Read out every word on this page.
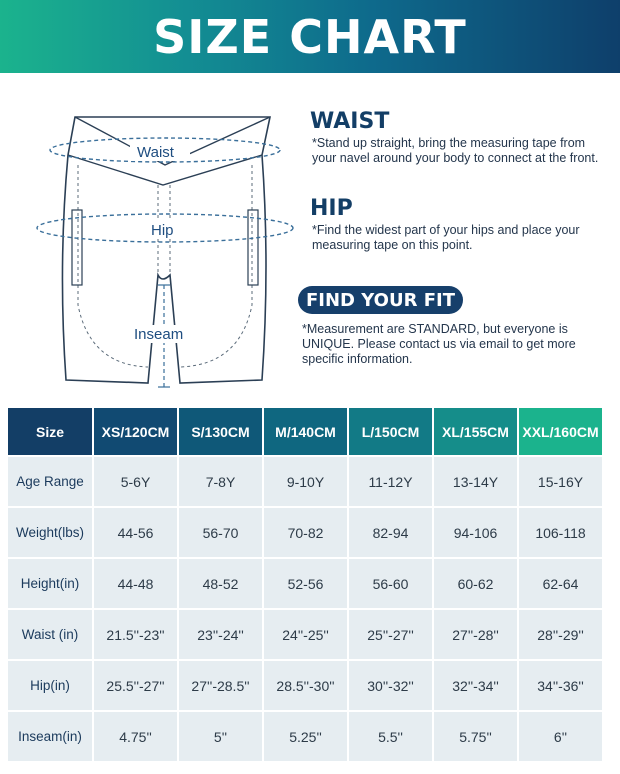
SIZE CHART
Waist
Hip
Inseam
WAIST
*Stand up straight, bring the measuring tape from your navel around your body to connect at the front.
HIP
*Find the widest part of your hips and place your measuring tape on this point.
FIND YOUR FIT
*Measurement are STANDARD, but everyone is UNIQUE. Please contact us via email to get more specific information.
Size	XS/120CM	S/130CM	M/140CM	L/150CM	XL/155CM	XXL/160CM
Age Range	5-6Y	7-8Y	9-10Y	11-12Y	13-14Y	15-16Y
Weight(lbs)	44-56	56-70	70-82	82-94	94-106	106-118
Height(in)	44-48	48-52	52-56	56-60	60-62	62-64
Waist (in)	21.5''-23''	23''-24''	24''-25''	25''-27''	27''-28''	28''-29''
Hip(in)	25.5''-27''	27''-28.5''	28.5''-30''	30''-32''	32''-34''	34''-36''
Inseam(in)	4.75''	5''	5.25''	5.5''	5.75''	6''
